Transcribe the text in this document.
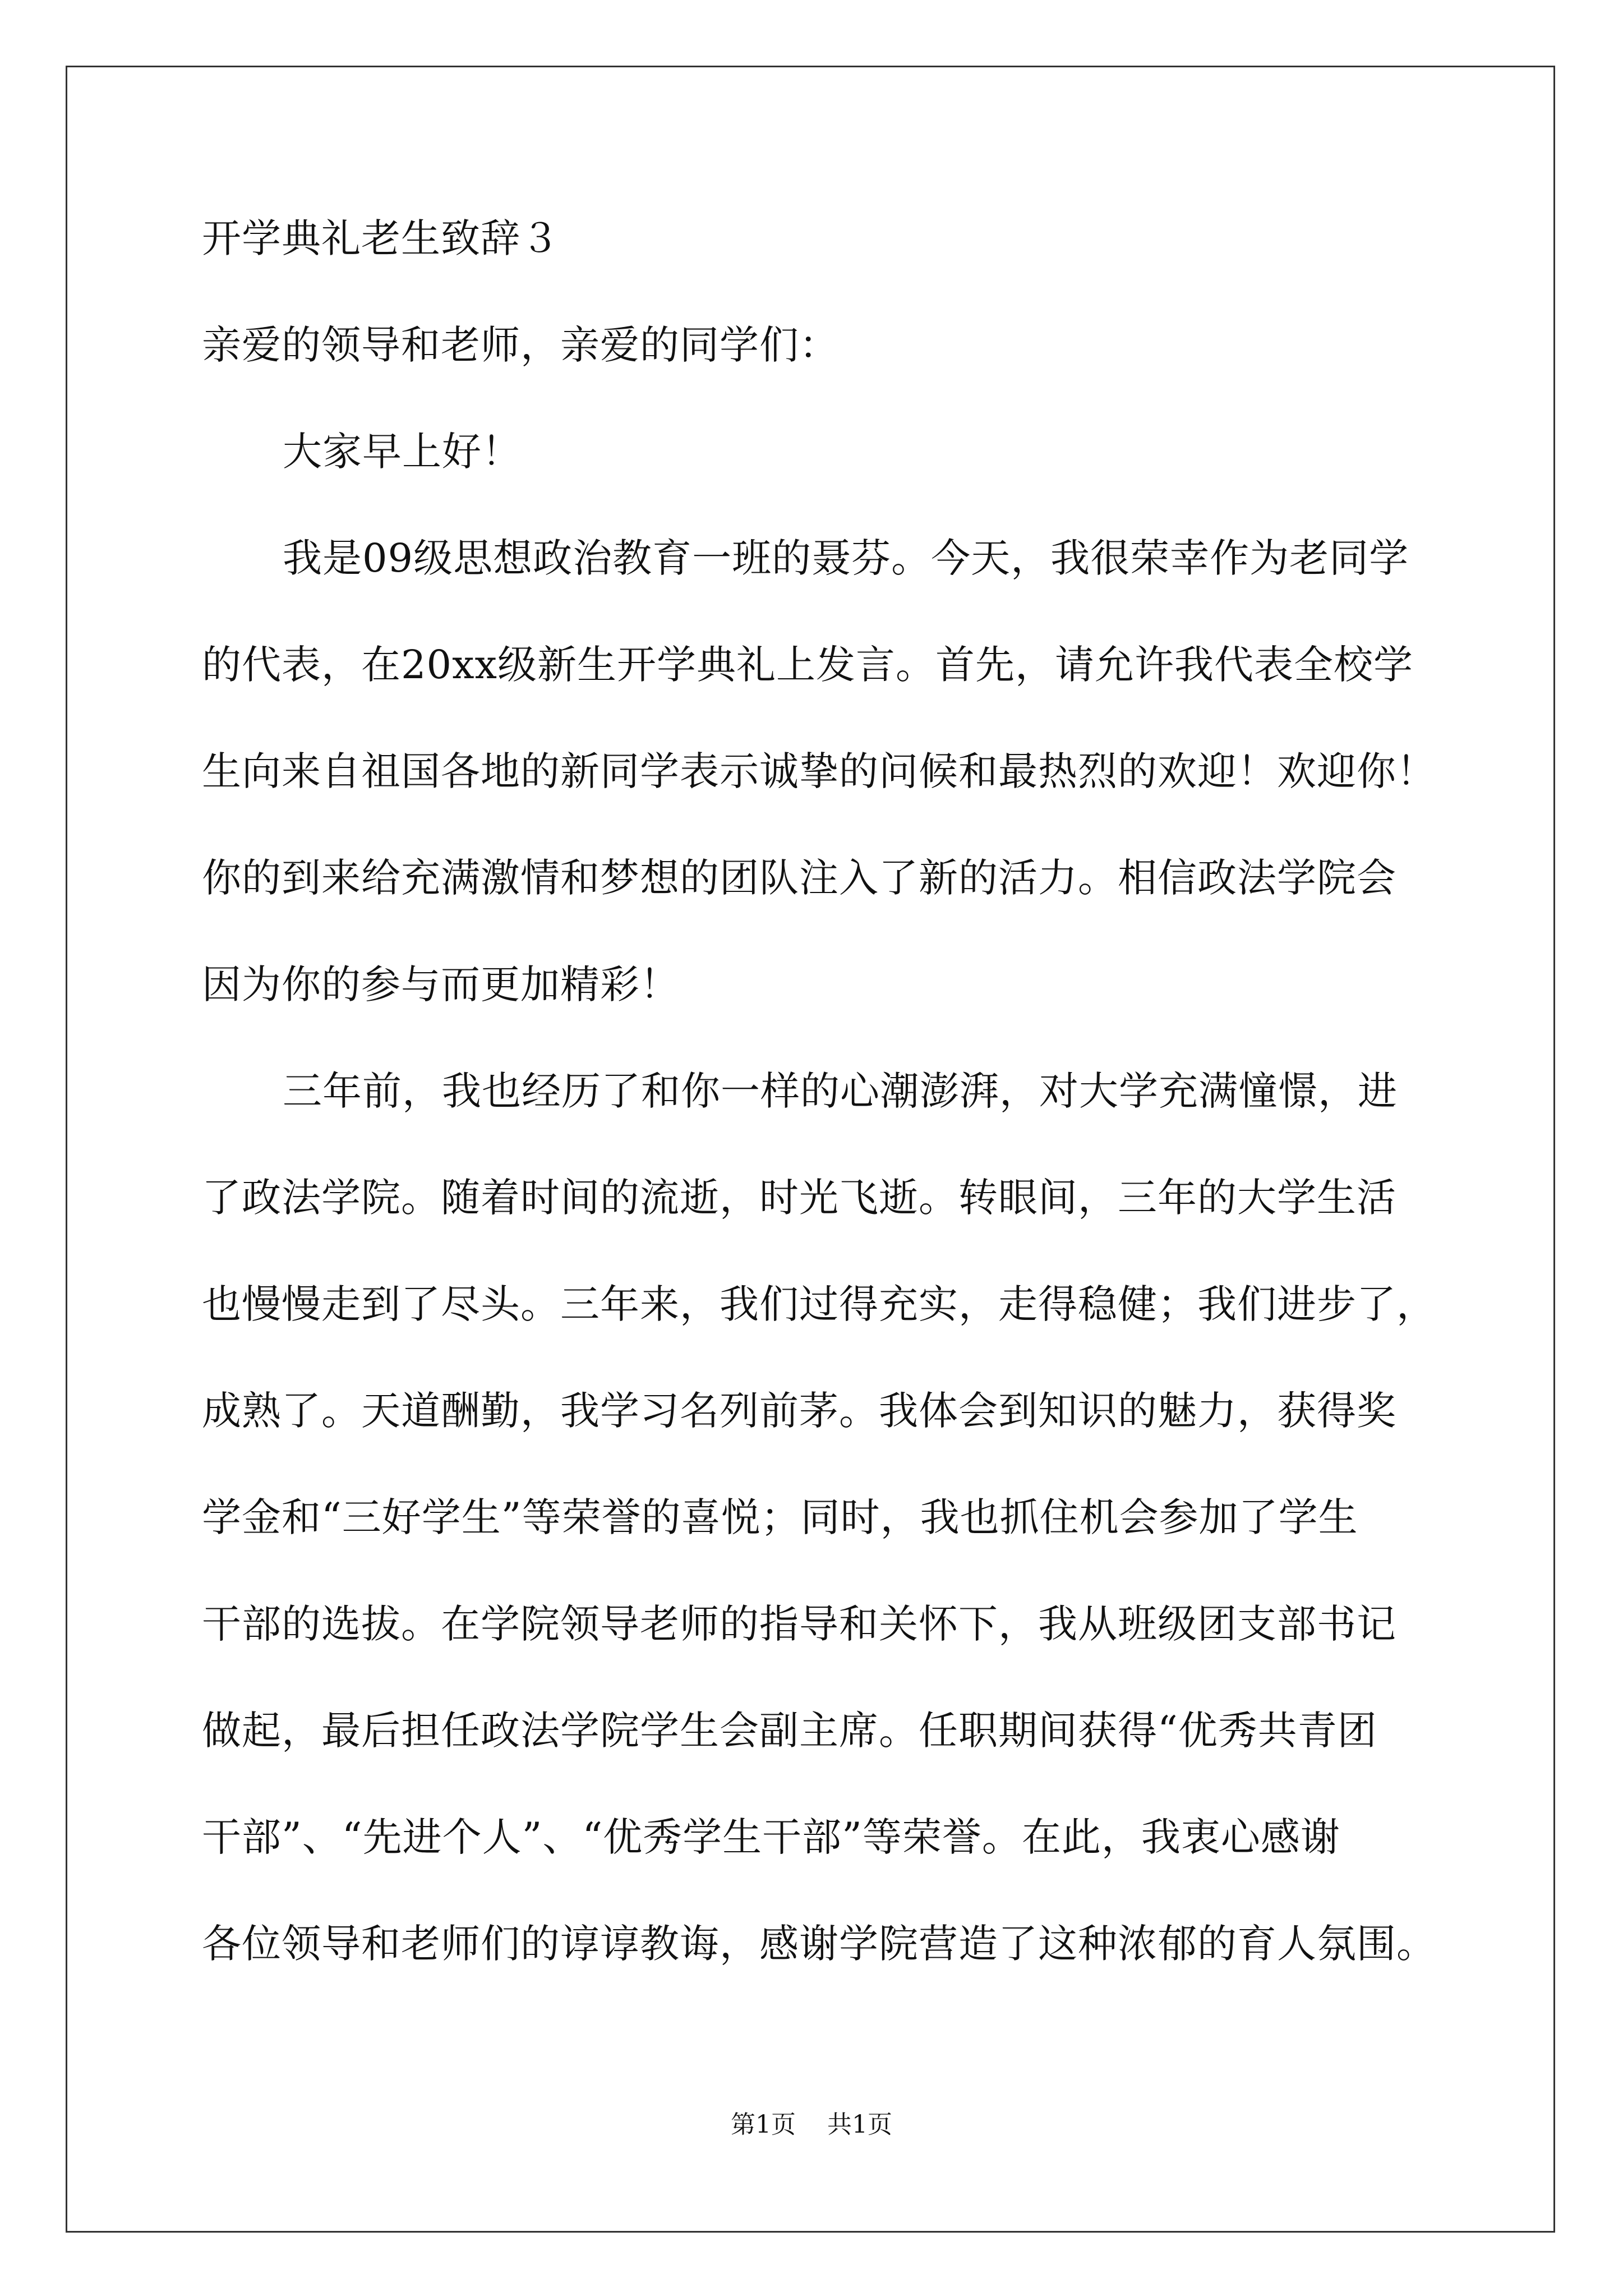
开学典礼老生致辞３
亲爱的领导和老师，亲爱的同学们：
大家早上好！
我是09级思想政治教育一班的聂芬。今天，我很荣幸作为老同学
的代表，在20xx级新生开学典礼上发言。首先，请允许我代表全校学
生向来自祖国各地的新同学表示诚挚的问候和最热烈的欢迎！欢迎你！
你的到来给充满激情和梦想的团队注入了新的活力。相信政法学院会
因为你的参与而更加精彩！
三年前，我也经历了和你一样的心潮澎湃，对大学充满憧憬，进
了政法学院。随着时间的流逝，时光飞逝。转眼间，三年的大学生活
也慢慢走到了尽头。三年来，我们过得充实，走得稳健；我们进步了，
成熟了。天道酬勤，我学习名列前茅。我体会到知识的魅力，获得奖
学金和“三好学生”等荣誉的喜悦；同时，我也抓住机会参加了学生
干部的选拔。在学院领导老师的指导和关怀下，我从班级团支部书记
做起，最后担任政法学院学生会副主席。任职期间获得“优秀共青团
干部”、“先进个人”、“优秀学生干部”等荣誉。在此，我衷心感谢
各位领导和老师们的谆谆教诲，感谢学院营造了这种浓郁的育人氛围。
第1页    共1页
